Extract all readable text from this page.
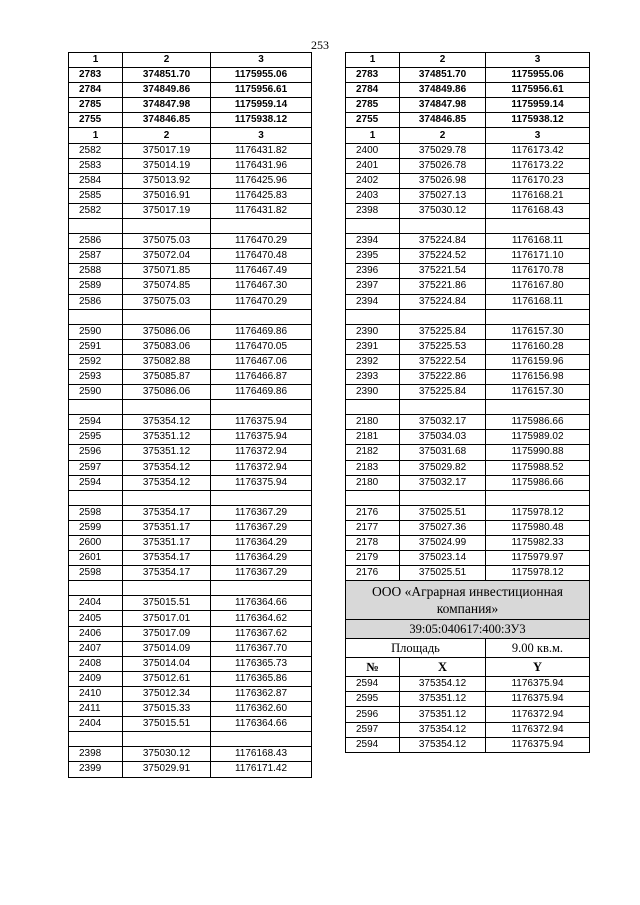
253
1	2	3
2783	374851.70	1175955.06
2784	374849.86	1175956.61
2785	374847.98	1175959.14
2755	374846.85	1175938.12
1	2	3
2582	375017.19	1176431.82
2583	375014.19	1176431.96
2584	375013.92	1176425.96
2585	375016.91	1176425.83
2582	375017.19	1176431.82

2586	375075.03	1176470.29
2587	375072.04	1176470.48
2588	375071.85	1176467.49
2589	375074.85	1176467.30
2586	375075.03	1176470.29

2590	375086.06	1176469.86
2591	375083.06	1176470.05
2592	375082.88	1176467.06
2593	375085.87	1176466.87
2590	375086.06	1176469.86

2594	375354.12	1176375.94
2595	375351.12	1176375.94
2596	375351.12	1176372.94
2597	375354.12	1176372.94
2594	375354.12	1176375.94

2598	375354.17	1176367.29
2599	375351.17	1176367.29
2600	375351.17	1176364.29
2601	375354.17	1176364.29
2598	375354.17	1176367.29

2404	375015.51	1176364.66
2405	375017.01	1176364.62
2406	375017.09	1176367.62
2407	375014.09	1176367.70
2408	375014.04	1176365.73
2409	375012.61	1176365.86
2410	375012.34	1176362.87
2411	375015.33	1176362.60
2404	375015.51	1176364.66

2398	375030.12	1176168.43
2399	375029.91	1176171.42
1	2	3
2783	374851.70	1175955.06
2784	374849.86	1175956.61
2785	374847.98	1175959.14
2755	374846.85	1175938.12
1	2	3
2400	375029.78	1176173.42
2401	375026.78	1176173.22
2402	375026.98	1176170.23
2403	375027.13	1176168.21
2398	375030.12	1176168.43

2394	375224.84	1176168.11
2395	375224.52	1176171.10
2396	375221.54	1176170.78
2397	375221.86	1176167.80
2394	375224.84	1176168.11

2390	375225.84	1176157.30
2391	375225.53	1176160.28
2392	375222.54	1176159.96
2393	375222.86	1176156.98
2390	375225.84	1176157.30

2180	375032.17	1175986.66
2181	375034.03	1175989.02
2182	375031.68	1175990.88
2183	375029.82	1175988.52
2180	375032.17	1175986.66

2176	375025.51	1175978.12
2177	375027.36	1175980.48
2178	375024.99	1175982.33
2179	375023.14	1175979.97
2176	375025.51	1175978.12
ООО «Аграрная инвестиционная компания»		
39:05:040617:400:ЗУ3		
Площадь		9.00 кв.м.
№	X	Y
2594	375354.12	1176375.94
2595	375351.12	1176375.94
2596	375351.12	1176372.94
2597	375354.12	1176372.94
2594	375354.12	1176375.94
